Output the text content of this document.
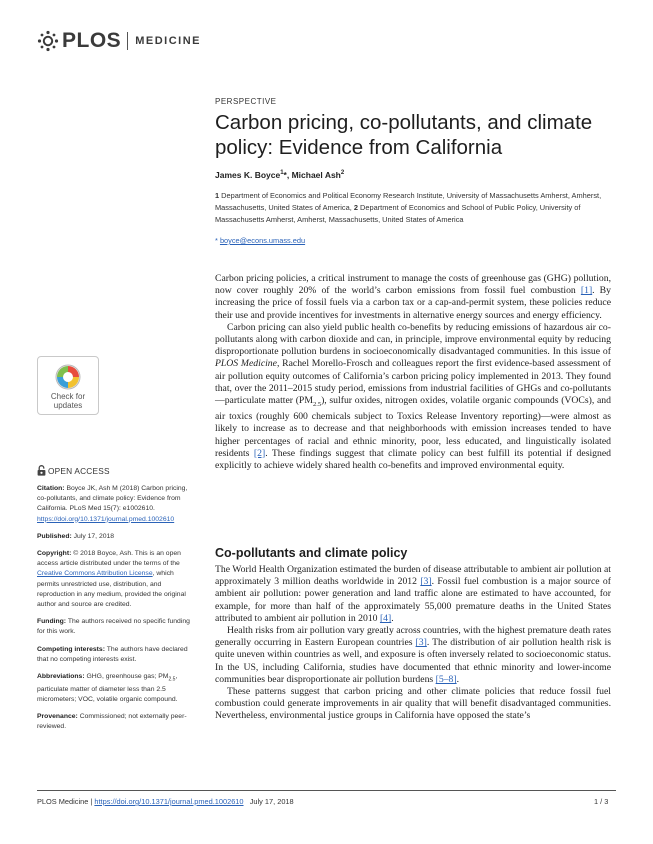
PLOS MEDICINE
PERSPECTIVE
Carbon pricing, co-pollutants, and climate policy: Evidence from California
James K. Boyce$^1$*, Michael Ash$^2$
1 Department of Economics and Political Economy Research Institute, University of Massachusetts Amherst, Amherst, Massachusetts, United States of America, 2 Department of Economics and School of Public Policy, University of Massachusetts Amherst, Amherst, Massachusetts, United States of America
* boyce@econs.umass.edu

Carbon pricing policies, a critical instrument to manage the costs of greenhouse gas (GHG) pollution, now cover roughly 20% of the world’s carbon emissions from fossil fuel combustion [1]. By increasing the price of fossil fuels via a carbon tax or a cap-and-permit system, these policies reduce their use and provide incentives for investments in alternative energy sources and energy efficiency.

Carbon pricing can also yield public health co-benefits by reducing emissions of hazardous air co-pollutants along with carbon dioxide and can, in principle, improve environmental equity by reducing disproportionate pollution burdens in socioeconomically disadvantaged communities. In this issue of PLOS Medicine, Rachel Morello-Frosch and colleagues report the first evidence-based assessment of air pollution equity outcomes of California’s carbon pricing policy implemented in 2013. They found that, over the 2011–2015 study period, emissions from industrial facilities of GHGs and co-pollutants—particulate matter $(PM_{2.5})$, sulfur oxides, nitrogen oxides, volatile organic compounds (VOCs), and air toxics (roughly 600 chemicals subject to Toxics Release Inventory reporting)—were almost as likely to increase as to decrease and that neighborhoods with emission increases tended to have higher percentages of racial and ethnic minority, poor, less educated, and linguistically isolated residents [2]. These findings suggest that climate policy can best fulfill its potential if designed explicitly to achieve widely shared health co-benefits and improved environmental equity.

Co-pollutants and climate policy

The World Health Organization estimated the burden of disease attributable to ambient air pollution at approximately 3 million deaths worldwide in 2012 [3]. Fossil fuel combustion is a major source of ambient air pollution: power generation and land traffic alone are estimated to have accounted, for example, for more than half of the approximately 55,000 premature deaths in the United States attributed to ambient air pollution in 2010 [4].

Health risks from air pollution vary greatly across countries, with the highest premature death rates generally occurring in Eastern European countries [3]. The distribution of air pollution health risk is quite uneven within countries as well, and exposure is often inversely related to socioeconomic status. In the US, including California, studies have documented that ethnic minority and lower-income communities bear disproportionate air pollution burdens [5–8].

These patterns suggest that carbon pricing and other climate policies that reduce fossil fuel combustion could generate improvements in air quality that will benefit disadvantaged communities. Nevertheless, environmental justice groups in California have opposed the state’s

Check for
updates
OPEN ACCESS

Citation: Boyce JK, Ash M (2018) Carbon pricing, co-pollutants, and climate policy: Evidence from California. PLoS Med 15(7): e1002610. https://doi.org/10.1371/journal.pmed.1002610

Published: July 17, 2018

Copyright: © 2018 Boyce, Ash. This is an open access article distributed under the terms of the Creative Commons Attribution License, which permits unrestricted use, distribution, and reproduction in any medium, provided the original author and source are credited.

Funding: The authors received no specific funding for this work.

Competing interests: The authors have declared that no competing interests exist.

Abbreviations: GHG, greenhouse gas; $PM_{2.5}$, particulate matter of diameter less than 2.5 micrometers; VOC, volatile organic compound.

Provenance: Commissioned; not externally peer-reviewed.

PLOS Medicine | https://doi.org/10.1371/journal.pmed.1002610   July 17, 2018	1 / 3
